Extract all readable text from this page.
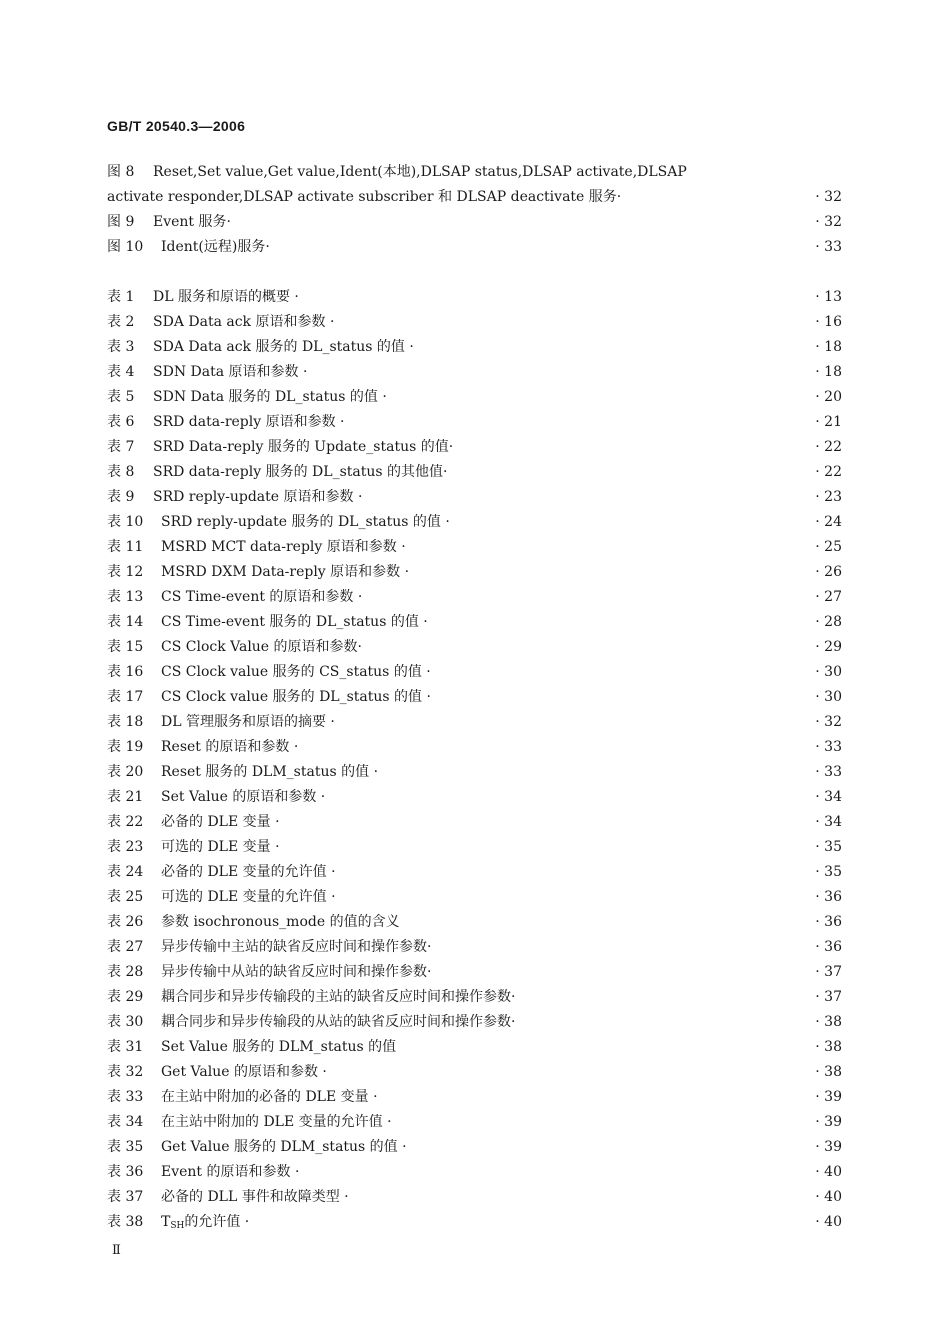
GB/T 20540.3—2006
图 8 Reset,Set value,Get value,Ident(本地),DLSAP status,DLSAP activate,DLSAP
activate responder,DLSAP activate subscriber 和 DLSAP deactivate 服务·	· 32
图 9 Event 服务·	· 32
图 10 Ident(远程)服务·	· 33
表 1 DL 服务和原语的概要 ·	· 13
表 2 SDA Data ack 原语和参数 ·	· 16
表 3 SDA Data ack 服务的 DL_status 的值 ·	· 18
表 4 SDN Data 原语和参数 ·	· 18
表 5 SDN Data 服务的 DL_status 的值 ·	· 20
表 6 SRD data-reply 原语和参数 ·	· 21
表 7 SRD Data-reply 服务的 Update_status 的值·	· 22
表 8 SRD data-reply 服务的 DL_status 的其他值·	· 22
表 9 SRD reply-update 原语和参数 ·	· 23
表 10 SRD reply-update 服务的 DL_status 的值 ·	· 24
表 11 MSRD MCT data-reply 原语和参数 ·	· 25
表 12 MSRD DXM Data-reply 原语和参数 ·	· 26
表 13 CS Time-event 的原语和参数 ·	· 27
表 14 CS Time-event 服务的 DL_status 的值 ·	· 28
表 15 CS Clock Value 的原语和参数·	· 29
表 16 CS Clock value 服务的 CS_status 的值 ·	· 30
表 17 CS Clock value 服务的 DL_status 的值 ·	· 30
表 18 DL 管理服务和原语的摘要 ·	· 32
表 19 Reset 的原语和参数 ·	· 33
表 20 Reset 服务的 DLM_status 的值 ·	· 33
表 21 Set Value 的原语和参数 ·	· 34
表 22 必备的 DLE 变量 ·	· 34
表 23 可选的 DLE 变量 ·	· 35
表 24 必备的 DLE 变量的允许值 ·	· 35
表 25 可选的 DLE 变量的允许值 ·	· 36
表 26 参数 isochronous_mode 的值的含义	· 36
表 27 异步传输中主站的缺省反应时间和操作参数·	· 36
表 28 异步传输中从站的缺省反应时间和操作参数·	· 37
表 29 耦合同步和异步传输段的主站的缺省反应时间和操作参数·	· 37
表 30 耦合同步和异步传输段的从站的缺省反应时间和操作参数·	· 38
表 31 Set Value 服务的 DLM_status 的值	· 38
表 32 Get Value 的原语和参数 ·	· 38
表 33 在主站中附加的必备的 DLE 变量 ·	· 39
表 34 在主站中附加的 DLE 变量的允许值 ·	· 39
表 35 Get Value 服务的 DLM_status 的值 ·	· 39
表 36 Event 的原语和参数 ·	· 40
表 37 必备的 DLL 事件和故障类型 ·	· 40
表 38 $T_{SH}$的允许值 ·	· 40
Ⅱ
